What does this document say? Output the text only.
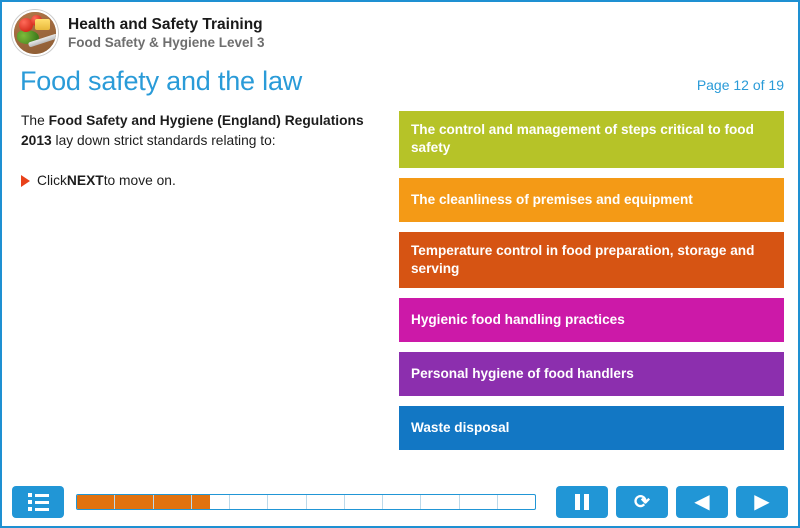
Health and Safety Training
Food Safety & Hygiene Level 3
Food safety and the law	Page 12 of 19
The Food Safety and Hygiene (England) Regulations 2013 lay down strict standards relating to:
Click NEXT to move on.
The control and management of steps critical to food safety
The cleanliness of premises and equipment
Temperature control in food preparation, storage and serving
Hygienic food handling practices
Personal hygiene of food handlers
Waste disposal
⟳ ◀ ▶
